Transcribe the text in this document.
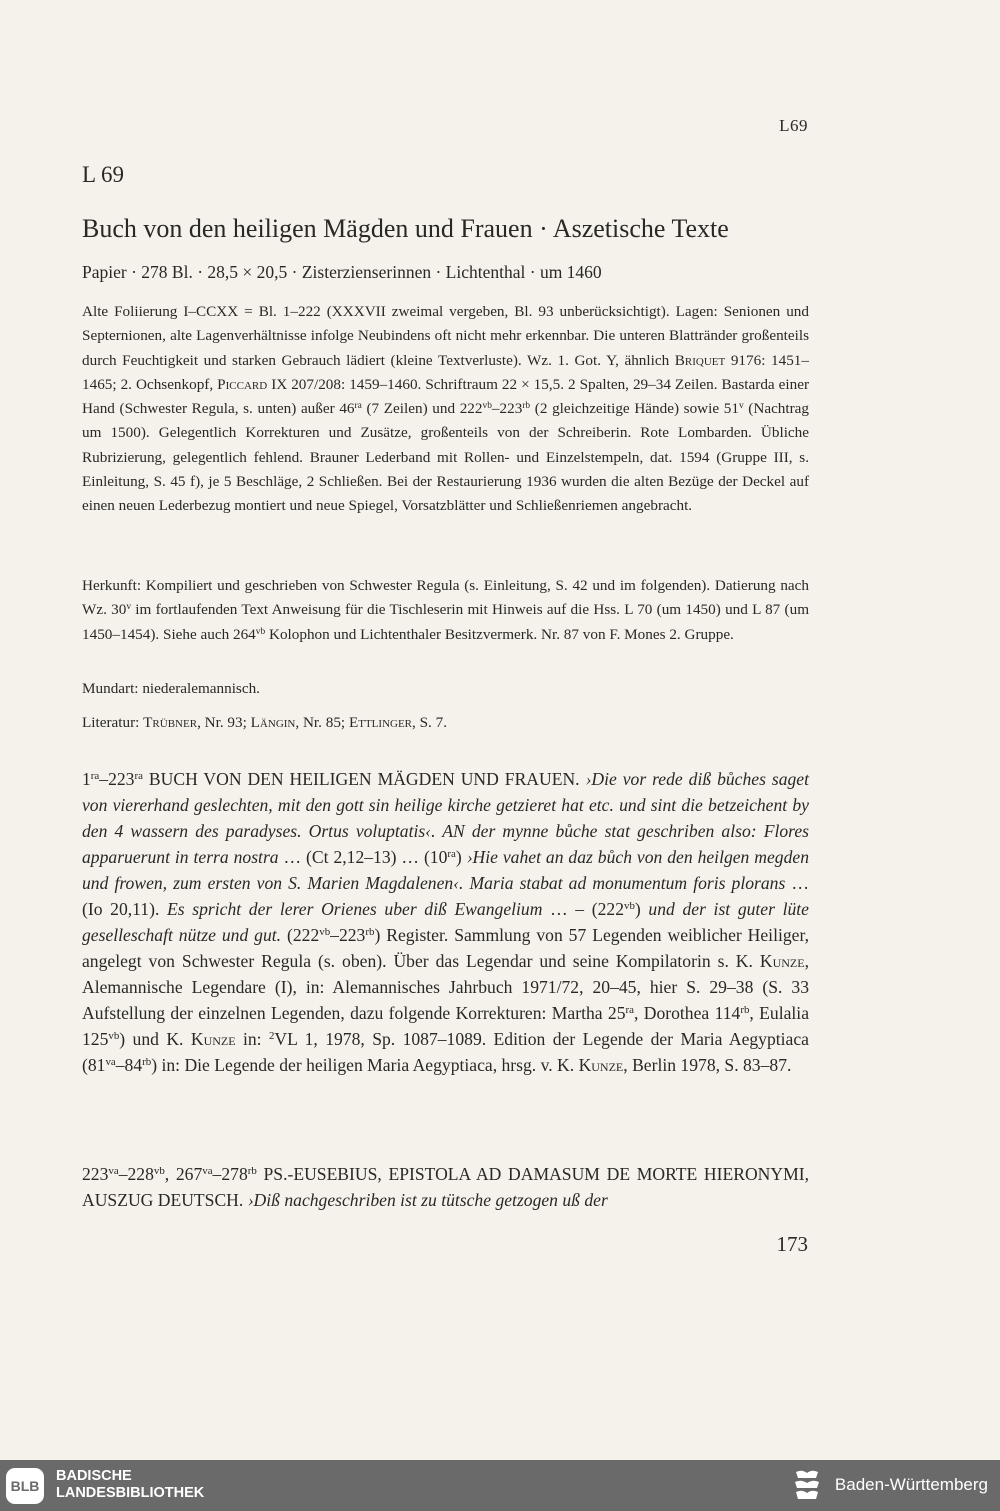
L69
L 69
Buch von den heiligen Mägden und Frauen · Aszetische Texte
Papier · 278 Bl. · 28,5 × 20,5 · Zisterzienserinnen · Lichtenthal · um 1460
Alte Foliierung I–CCXX = Bl. 1–222 (XXXVII zweimal vergeben, Bl. 93 unberücksichtigt). Lagen: Senionen und Septernionen, alte Lagenverhältnisse infolge Neubindens oft nicht mehr erkennbar. Die unteren Blattränder großenteils durch Feuchtigkeit und starken Gebrauch lädiert (kleine Textverluste). Wz. 1. Got. Y, ähnlich Briquet 9176: 1451–1465; 2. Ochsenkopf, Piccard IX 207/208: 1459–1460. Schriftraum 22 × 15,5. 2 Spalten, 29–34 Zeilen. Bastarda einer Hand (Schwester Regula, s. unten) außer $46^{ra}$ (7 Zeilen) und $222^{vb}-223^{rb}$ (2 gleichzeitige Hände) sowie 51$^v$ (Nachtrag um 1500). Gelegentlich Korrekturen und Zusätze, großenteils von der Schreiberin. Rote Lombarden. Übliche Rubrizierung, gelegentlich fehlend. Brauner Lederband mit Rollen- und Einzelstempeln, dat. 1594 (Gruppe III, s. Einleitung, S. 45 f), je 5 Beschläge, 2 Schließen. Bei der Restaurierung 1936 wurden die alten Bezüge der Deckel auf einen neuen Lederbezug montiert und neue Spiegel, Vorsatzblätter und Schließenriemen angebracht.
Herkunft: Kompiliert und geschrieben von Schwester Regula (s. Einleitung, S. 42 und im folgenden). Datierung nach Wz. 30$^v$ im fortlaufenden Text Anweisung für die Tischleserin mit Hinweis auf die Hss. L 70 (um 1450) und L 87 (um 1450–1454). Siehe auch $264^{vb}$ Kolophon und Lichtenthaler Besitzvermerk. Nr. 87 von F. Mones 2. Gruppe.
Mundart: niederalemannisch.
Literatur: Trübner, Nr. 93; Längin, Nr. 85; Ettlinger, S. 7.
$1^{ra}-223^{ra}$ BUCH VON DEN HEILIGEN MÄGDEN UND FRAUEN. ›Die vor rede diß bůches saget von viererhand geslechten, mit den gott sin heilige kirche getzieret hat etc. und sint die betzeichent by den 4 wassern des paradyses. Ortus voluptatis‹. AN der mynne bůche stat geschriben also: Flores apparuerunt in terra nostra … (Ct 2,12–13) … $(10^{ra})$ ›Hie vahet an daz bůch von den heilgen megden und frowen, zum ersten von S. Marien Magdalenen‹. Maria stabat ad monumentum foris plorans … (Io 20,11). Es spricht der lerer Orienes uber diß Ewangelium … – $(222^{vb})$ und der ist guter lüte geselleschaft nütze und gut. $(222^{vb}-223^{rb})$ Register. Sammlung von 57 Legenden weiblicher Heiliger, angelegt von Schwester Regula (s. oben). Über das Legendar und seine Kompilatorin s. K. Kunze, Alemannische Legendare (I), in: Alemannisches Jahrbuch 1971/72, 20–45, hier S. 29–38 (S. 33 Aufstellung der einzelnen Legenden, dazu folgende Korrekturen: Martha $25^{ra}$, Dorothea $114^{rb}$, Eulalia $125^{vb}$) und K. Kunze in: $^2$VL 1, 1978, Sp. 1087–1089. Edition der Legende der Maria Aegyptiaca $(81^{va}-84^{rb})$ in: Die Legende der heiligen Maria Aegyptiaca, hrsg. v. K. Kunze, Berlin 1978, S. 83–87.
$223^{va}-228^{vb}$, $267^{va}-278^{rb}$ PS.-EUSEBIUS, EPISTOLA AD DAMASUM DE MORTE HIERONYMI, AUSZUG DEUTSCH. ›Diß nachgeschriben ist zu tütsche getzogen uß der
173
BLB
BADISCHE
LANDESBIBLIOTHEK	Baden-Württemberg
